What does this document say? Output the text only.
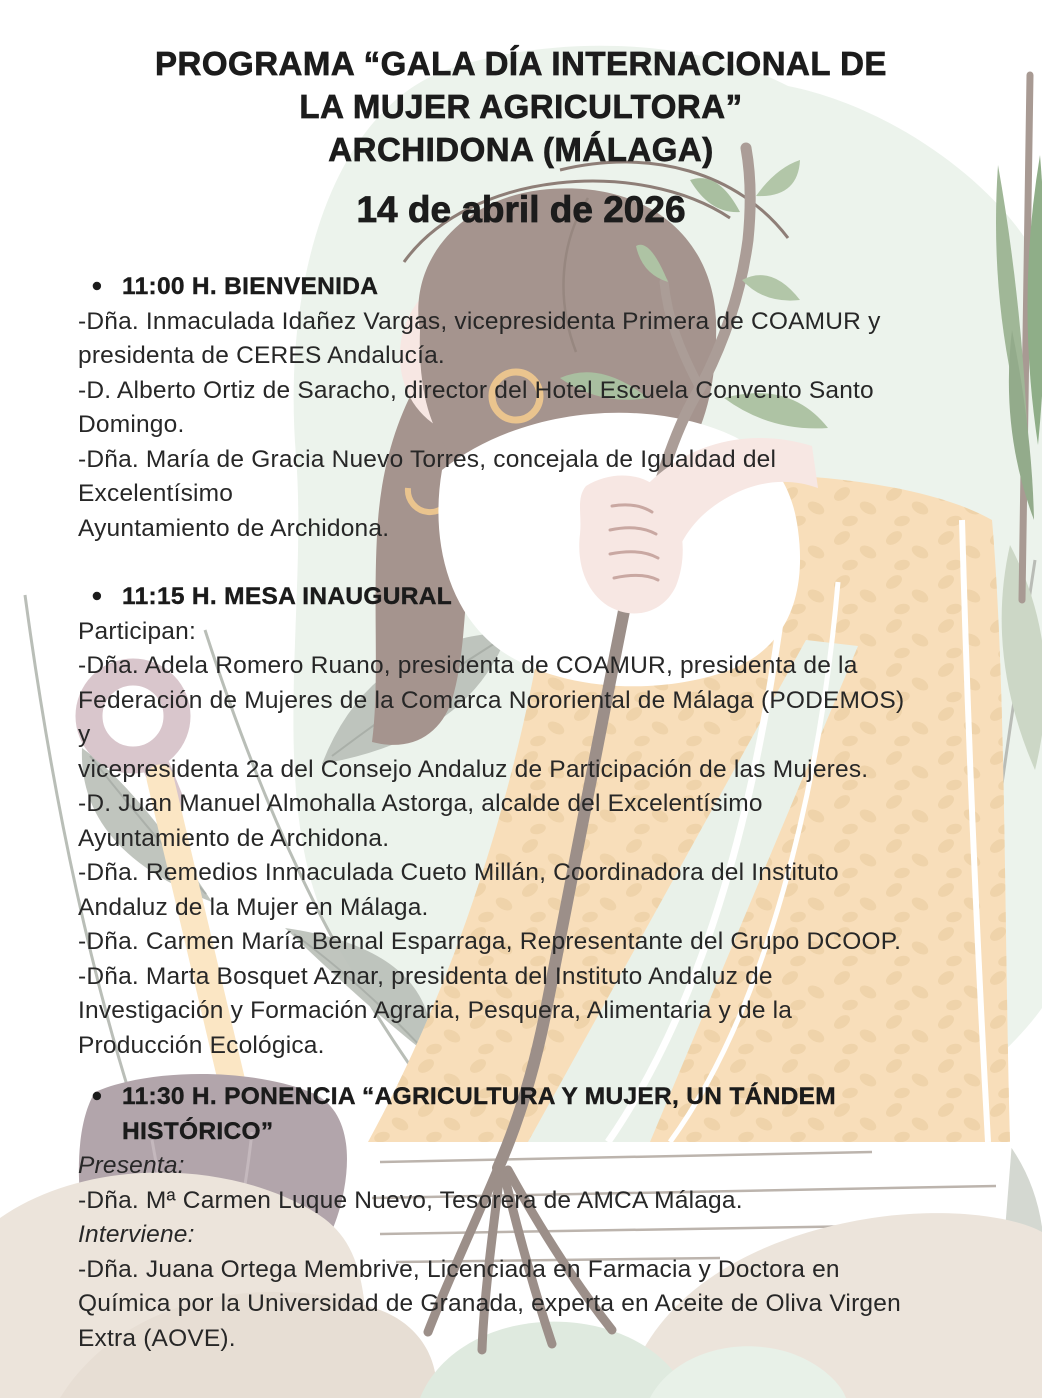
PROGRAMA “GALA DÍA INTERNACIONAL DE
LA MUJER AGRICULTORA”
ARCHIDONA (MÁLAGA)
14 de abril de 2026
•
11:00 H. BIENVENIDA
-Dña. Inmaculada Idañez Vargas, vicepresidenta Primera de COAMUR y
presidenta de CERES Andalucía.
-D. Alberto Ortiz de Saracho, director del Hotel Escuela Convento Santo
Domingo.
-Dña. María de Gracia Nuevo Torres, concejala de Igualdad del
Excelentísimo
Ayuntamiento de Archidona.
•
11:15 H. MESA INAUGURAL
Participan:
-Dña. Adela Romero Ruano, presidenta de COAMUR, presidenta de la
Federación de Mujeres de la Comarca Nororiental de Málaga (PODEMOS)
y
vicepresidenta 2a del Consejo Andaluz de Participación de las Mujeres.
-D. Juan Manuel Almohalla Astorga, alcalde del Excelentísimo
Ayuntamiento de Archidona.
-Dña. Remedios Inmaculada Cueto Millán, Coordinadora del Instituto
Andaluz de la Mujer en Málaga.
-Dña. Carmen María Bernal Esparraga, Representante del Grupo DCOOP.
-Dña. Marta Bosquet Aznar, presidenta del Instituto Andaluz de
Investigación y Formación Agraria, Pesquera, Alimentaria y de la
Producción Ecológica.
•
11:30 H. PONENCIA “AGRICULTURA Y MUJER, UN TÁNDEM
HISTÓRICO”
Presenta:
-Dña. Mª Carmen Luque Nuevo, Tesorera de AMCA Málaga.
Interviene:
-Dña. Juana Ortega Membrive, Licenciada en Farmacia y Doctora en
Química por la Universidad de Granada, experta en Aceite de Oliva Virgen
Extra (AOVE).
